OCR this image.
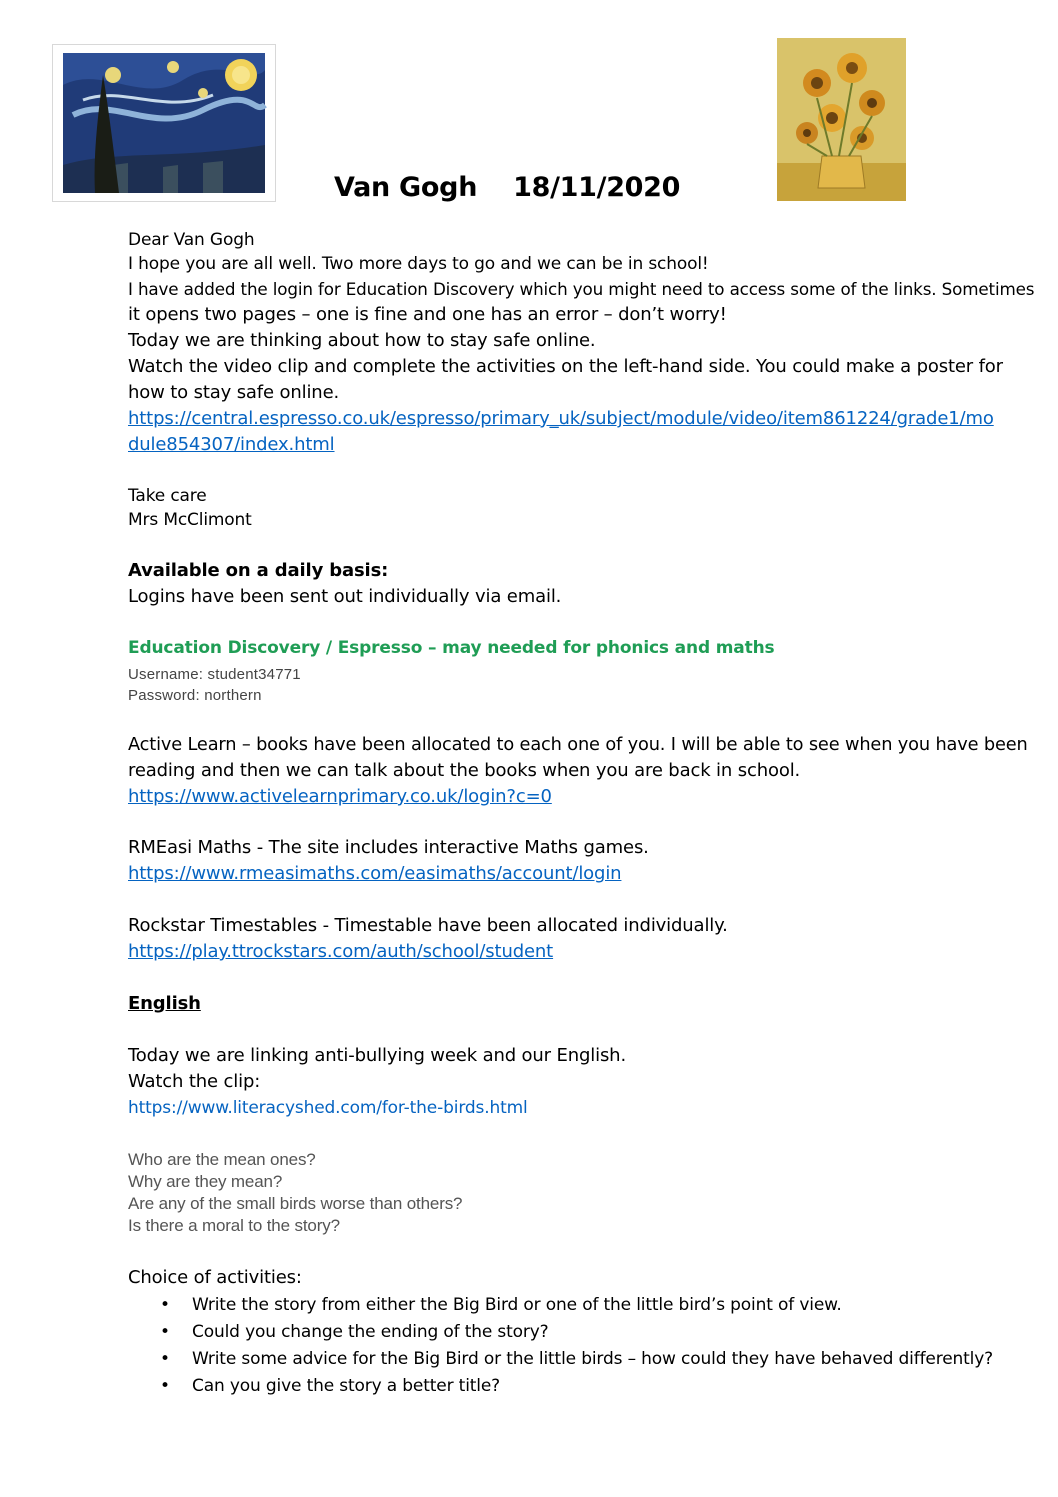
Van Gogh 18/11/2020
Dear Van Gogh
I hope you are all well. Two more days to go and we can be in school!
I have added the login for Education Discovery which you might need to access some of the links. Sometimes
it opens two pages – one is fine and one has an error – don’t worry!
Today we are thinking about how to stay safe online.
Watch the video clip and complete the activities on the left-hand side. You could make a poster for
how to stay safe online.
https://central.espresso.co.uk/espresso/primary_uk/subject/module/video/item861224/grade1/mo
dule854307/index.html
Take care
Mrs McClimont
Available on a daily basis:
Logins have been sent out individually via email.
Education Discovery / Espresso – may needed for phonics and maths
Username: student34771
Password: northern
Active Learn – books have been allocated to each one of you. I will be able to see when you have been
reading and then we can talk about the books when you are back in school.
https://www.activelearnprimary.co.uk/login?c=0
RMEasi Maths - The site includes interactive Maths games.
https://www.rmeasimaths.com/easimaths/account/login
Rockstar Timestables - Timestable have been allocated individually.
https://play.ttrockstars.com/auth/school/student
English
Today we are linking anti-bullying week and our English.
Watch the clip:
https://www.literacyshed.com/for-the-birds.html
Who are the mean ones?
Why are they mean?
Are any of the small birds worse than others?
Is there a moral to the story?
Choice of activities:
• Write the story from either the Big Bird or one of the little bird’s point of view.
• Could you change the ending of the story?
• Write some advice for the Big Bird or the little birds – how could they have behaved differently?
• Can you give the story a better title?
